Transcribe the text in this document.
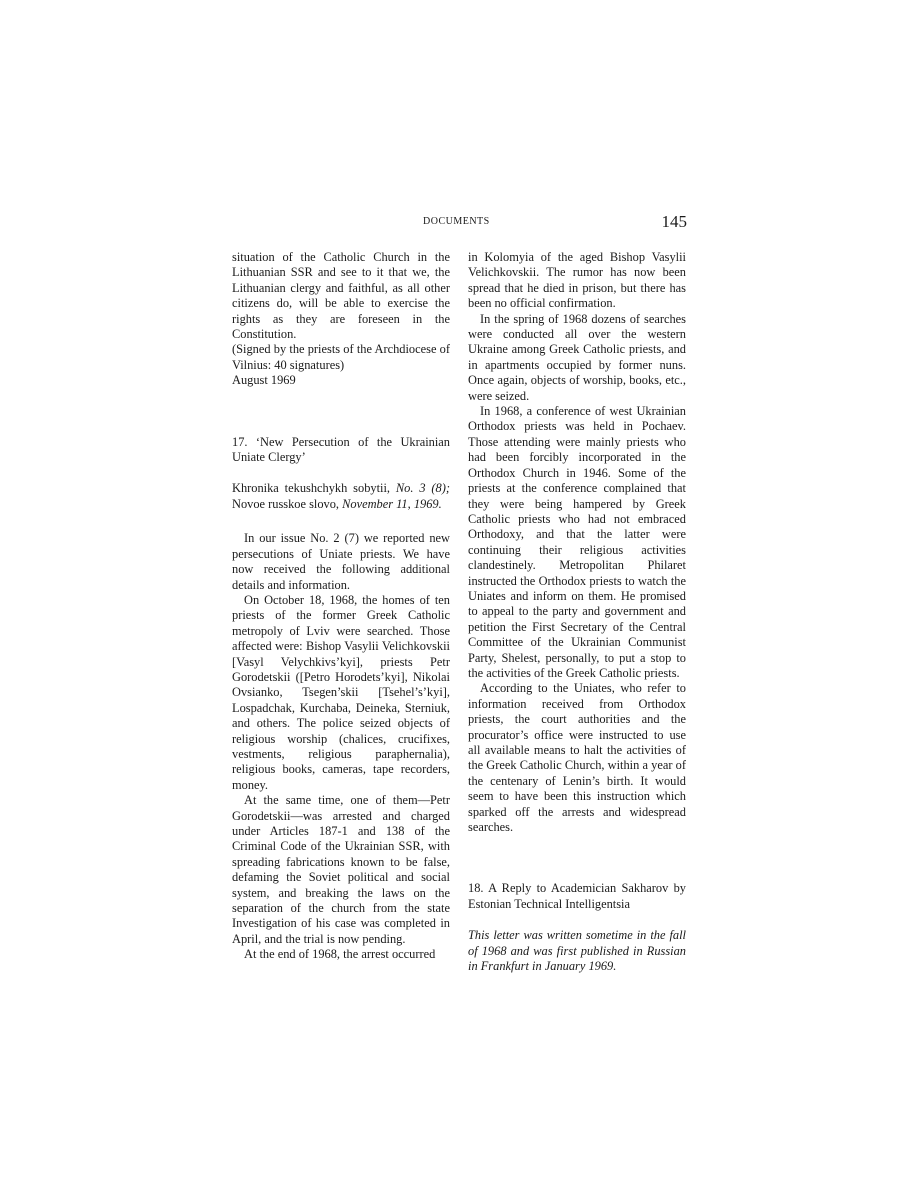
DOCUMENTS	145

situation of the Catholic Church in the Lithuanian SSR and see to it that we, the Lithuanian clergy and faithful, as all other citizens do, will be able to exercise the rights as they are foreseen in the Constitution.

(Signed by the priests of the Archdiocese of Vilnius: 40 signatures)

August 1969

17. ‘New Persecution of the Ukrainian Uniate Clergy’

Khronika tekushchykh sobytii, No. 3 (8); Novoe russkoe slovo, November 11, 1969.

In our issue No. 2 (7) we reported new persecutions of Uniate priests. We have now received the following additional details and information.

On October 18, 1968, the homes of ten priests of the former Greek Catholic metropoly of Lviv were searched. Those affected were: Bishop Vasylii Velichkovskii [Vasyl Velychkivs’kyi], priests Petr Gorodetskii ([Petro Horodets’kyi], Nikolai Ovsianko, Tsegen’skii [Tsehel’s’kyi], Lospadchak, Kurchaba, Deineka, Sterniuk, and others. The police seized objects of religious worship (chalices, crucifixes, vestments, religious paraphernalia), religious books, cameras, tape recorders, money.

At the same time, one of them—Petr Gorodetskii—was arrested and charged under Articles 187-1 and 138 of the Criminal Code of the Ukrainian SSR, with spreading fabrications known to be false, defaming the Soviet political and social system, and breaking the laws on the separation of the church from the state Investigation of his case was completed in April, and the trial is now pending.

At the end of 1968, the arrest occurred

in Kolomyia of the aged Bishop Vasylii Velichkovskii. The rumor has now been spread that he died in prison, but there has been no official confirmation.

In the spring of 1968 dozens of searches were conducted all over the western Ukraine among Greek Catholic priests, and in apartments occupied by former nuns. Once again, objects of worship, books, etc., were seized.

In 1968, a conference of west Ukrainian Orthodox priests was held in Pochaev. Those attending were mainly priests who had been forcibly incorporated in the Orthodox Church in 1946. Some of the priests at the conference complained that they were being hampered by Greek Catholic priests who had not embraced Orthodoxy, and that the latter were continuing their religious activities clandestinely. Metropolitan Philaret instructed the Orthodox priests to watch the Uniates and inform on them. He promised to appeal to the party and government and petition the First Secretary of the Central Committee of the Ukrainian Communist Party, Shelest, personally, to put a stop to the activities of the Greek Catholic priests.

According to the Uniates, who refer to information received from Orthodox priests, the court authorities and the procurator’s office were instructed to use all available means to halt the activities of the Greek Catholic Church, within a year of the centenary of Lenin’s birth. It would seem to have been this instruction which sparked off the arrests and widespread searches.

18. A Reply to Academician Sakharov by Estonian Technical Intelligentsia

This letter was written sometime in the fall of 1968 and was first published in Russian in Frankfurt in January 1969.
